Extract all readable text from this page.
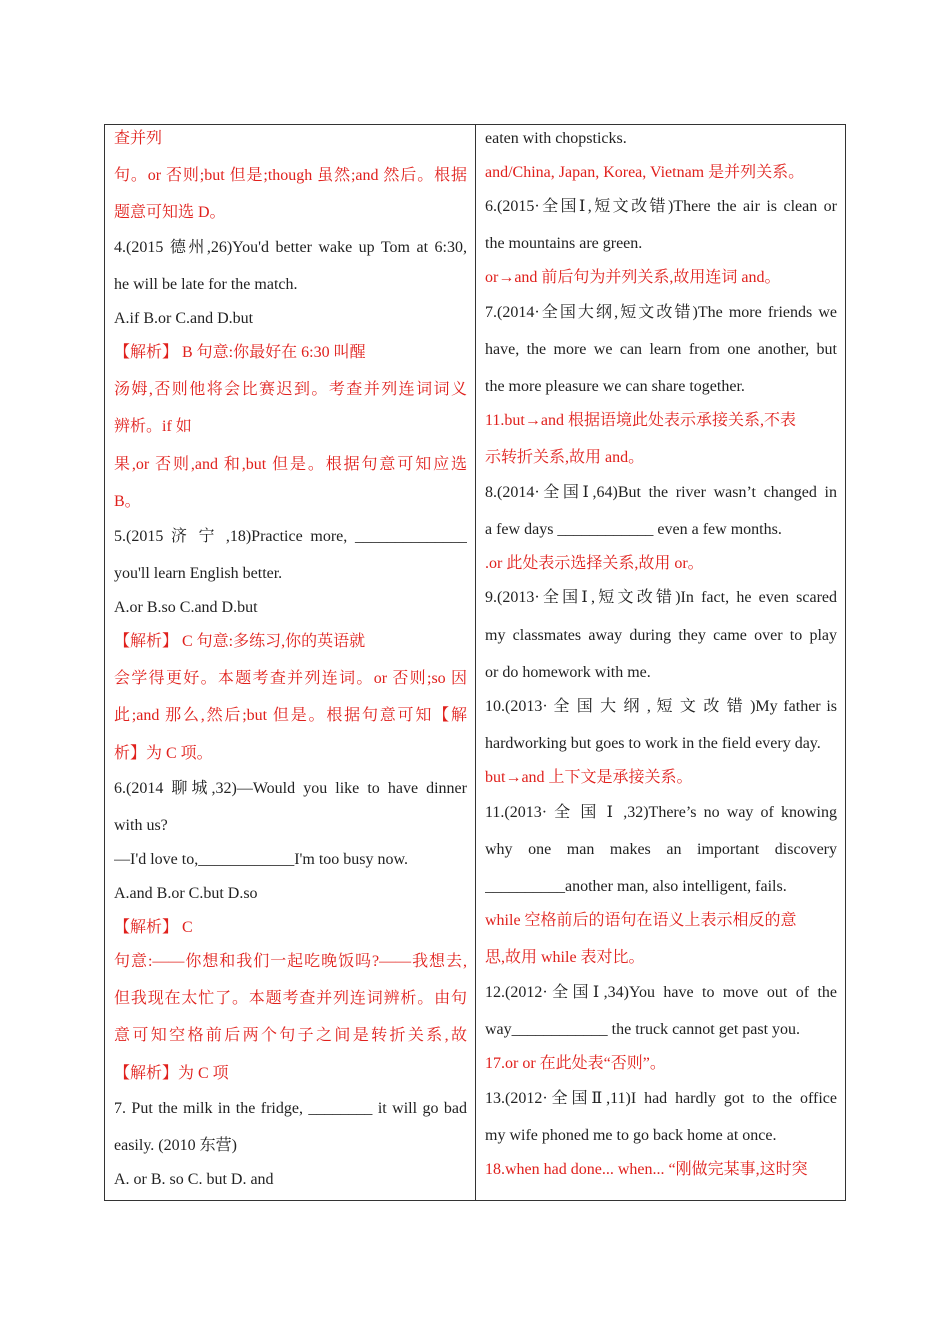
查并列
句。or 否则;but 但是;though 虽然;and 然后。根据
题意可知选 D。
4.(2015 德州,26)You'd better wake up Tom at 6:30,
he will be late for the match.
A.if B.or C.and D.but
【解析】 B 句意:你最好在 6:30 叫醒
汤姆,否则他将会比赛迟到。考查并列连词词义
辨析。if 如
果,or 否则,and 和,but 但是。根据句意可知应选
B。
5.(2015 济 宁 ,18)Practice more, ______________
you'll learn English better.
A.or B.so C.and D.but
【解析】 C 句意:多练习,你的英语就
会学得更好。本题考查并列连词。or 否则;so 因
此;and 那么,然后;but 但是。根据句意可知【解
析】为 C 项。
6.(2014 聊城,32)—Would you like to have dinner
with us?
—I'd love to,____________I'm too busy now.
A.and B.or C.but D.so
【解析】 C
句意:——你想和我们一起吃晚饭吗?——我想去,
但我现在太忙了。本题考查并列连词辨析。由句
意可知空格前后两个句子之间是转折关系,故
【解析】为 C 项
7. Put the milk in the fridge, ________ it will go bad
easily. (2010 东营)
A. or B. so C. but D. and
eaten with chopsticks.
and/China, Japan, Korea, Vietnam 是并列关系。
6.(2015·全国Ⅰ,短文改错)There the air is clean or
the mountains are green.
or→and 前后句为并列关系,故用连词 and。
7.(2014·全国大纲,短文改错)The more friends we
have, the more we can learn from one another, but
the more pleasure we can share together.
11.but→and 根据语境此处表示承接关系,不表
示转折关系,故用 and。
8.(2014·全国Ⅰ,64)But the river wasn’t changed in
a few days ____________ even a few months.
.or 此处表示选择关系,故用 or。
9.(2013·全国Ⅰ,短文改错)In fact, he even scared
my classmates away during they came over to play
or do homework with me.
10.(2013· 全 国 大 纲 , 短 文 改 错 )My father is
hardworking but goes to work in the field every day.
but→and 上下文是承接关系。
11.(2013· 全 国 Ⅰ ,32)There’s no way of knowing
why one man makes an important discovery
__________another man, also intelligent, fails.
while 空格前后的语句在语义上表示相反的意
思,故用 while 表对比。
12.(2012·全国Ⅰ,34)You have to move out of the
way____________ the truck cannot get past you.
17.or or 在此处表“否则”。
13.(2012·全国Ⅱ,11)I had hardly got to the office
my wife phoned me to go back home at once.
18.when had done... when... “刚做完某事,这时突
